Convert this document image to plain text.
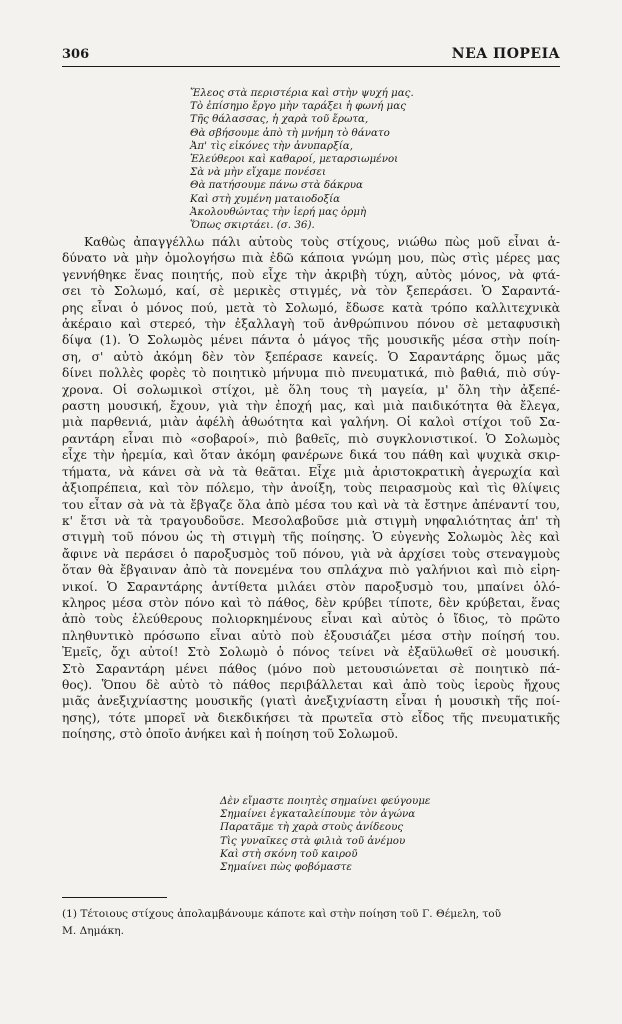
306	ΝΕΑ ΠΟΡΕΙΑ
Ἔλεος στὰ περιστέρια καὶ στὴν ψυχή μας.
Τὸ ἐπίσημο ἔργο μὴν ταράξει ἡ φωνή μας
Τῆς θάλασσας, ἡ χαρὰ τοῦ ἔρωτα,
Θὰ σβήσουμε ἀπὸ τὴ μνήμη τὸ θάνατο
Ἀπ' τὶς εἰκόνες τὴν ἀνυπαρξία,
Ἐλεύθεροι καὶ καθαροί, μεταρσιωμένοι
Σὰ νὰ μὴν εἴχαμε πονέσει
Θὰ πατήσουμε πάνω στὰ δάκρυα
Καὶ στὴ χυμένη ματαιοδοξία
Ἀκολουθώντας τὴν ἱερή μας ὁρμὴ
Ὅπως σκιρτάει. (σ. 36).
Καθὼς ἀπαγγέλλω πάλι αὐτοὺς τοὺς στίχους, νιώθω πὼς μοῦ εἶναι ἀ-
δύνατο νὰ μὴν ὁμολογήσω πιὰ ἐδῶ κάποια γνώμη μου, πὼς στὶς μέρες μας
γεννήθηκε ἕνας ποιητής, ποὺ εἶχε τὴν ἀκριβὴ τύχη, αὐτὸς μόνος, νὰ φτά-
σει τὸ Σολωμό, καί, σὲ μερικὲς στιγμές, νὰ τὸν ξεπεράσει. Ὁ Σαραντά-
ρης εἶναι ὁ μόνος πού, μετὰ τὸ Σολωμό, ἔδωσε κατὰ τρόπο καλλιτεχνικὰ
ἀκέραιο καὶ στερεό, τὴν ἐξαλλαγὴ τοῦ ἀνθρώπινου πόνου σὲ μεταφυσικὴ
δίψα (1). Ὁ Σολωμὸς μένει πάντα ὁ μάγος τῆς μουσικῆς μέσα στὴν ποίη-
ση, σ' αὐτὸ ἀκόμη δὲν τὸν ξεπέρασε κανείς. Ὁ Σαραντάρης ὅμως μᾶς
δίνει πολλὲς φορὲς τὸ ποιητικὸ μήνυμα πιὸ πνευματικά, πιὸ βαθιά, πιὸ σύγ-
χρονα. Οἱ σολωμικοὶ στίχοι, μὲ ὅλη τους τὴ μαγεία, μ' ὅλη τὴν ἀξεπέ-
ραστη μουσική, ἔχουν, γιὰ τὴν ἐποχή μας, καὶ μιὰ παιδικότητα θὰ ἔλεγα,
μιὰ παρθενιά, μιὰν ἀφέλὴ ἀθωότητα καὶ γαλήνη. Οἱ καλοὶ στίχοι τοῦ Σα-
ραντάρη εἶναι πιὸ «σοβαροί», πιὸ βαθεῖς, πιὸ συγκλονιστικοί. Ὁ Σολωμὸς
εἶχε τὴν ἠρεμία, καὶ ὅταν ἀκόμη φανέρωνε δικά του πάθη καὶ ψυχικὰ σκιρ-
τήματα, νὰ κάνει σὰ νὰ τὰ θεᾶται. Εἶχε μιὰ ἀριστοκρατικὴ ἀγερωχία καὶ
ἀξιοπρέπεια, καὶ τὸν πόλεμο, τὴν ἀνοίξη, τοὺς πειρασμοὺς καὶ τὶς θλίψεις
του εἶταν σὰ νὰ τὰ ἔβγαζε ὅλα ἀπὸ μέσα του καὶ νὰ τὰ ἔστηνε ἀπέναντί του,
κ' ἔτσι νὰ τὰ τραγουδοῦσε. Μεσολαβοῦσε μιὰ στιγμὴ νηφαλιότητας ἀπ' τὴ
στιγμὴ τοῦ πόνου ὡς τὴ στιγμὴ τῆς ποίησης. Ὁ εὐγενὴς Σολωμὸς λὲς καὶ
ἄφινε νὰ περάσει ὁ παροξυσμὸς τοῦ πόνου, γιὰ νὰ ἀρχίσει τοὺς στεναγμοὺς
ὅταν θὰ ἔβγαιναν ἀπὸ τὰ πονεμένα του σπλάχνα πιὸ γαλήνιοι καὶ πιὸ εἰρη-
νικοί. Ὁ Σαραντάρης ἀντίθετα μιλάει στὸν παροξυσμὸ του, μπαίνει ὁλό-
κληρος μέσα στὸν πόνο καὶ τὸ πάθος, δὲν κρύβει τίποτε, δὲν κρύβεται, ἕνας
ἀπὸ τοὺς ἐλεύθερους πολιορκημένους εἶναι καὶ αὐτὸς ὁ ἴδιος, τὸ πρῶτο
πληθυντικὸ πρόσωπο εἶναι αὐτὸ ποὺ ἐξουσιάζει μέσα στὴν ποίησή του.
Ἐμεῖς, ὄχι αὐτοί! Στὸ Σολωμὸ ὁ πόνος τείνει νὰ ἐξαϋλωθεῖ σὲ μουσική.
Στὸ Σαραντάρη μένει πάθος (μόνο ποὺ μετουσιώνεται σὲ ποιητικὸ πά-
θος). Ὅπου δὲ αὐτὸ τὸ πάθος περιβάλλεται καὶ ἀπὸ τοὺς ἱεροὺς ἤχους
μιᾶς ἀνεξιχνίαστης μουσικῆς (γιατὶ ἀνεξιχνίαστη εἶναι ἡ μουσικὴ τῆς ποί-
ησης), τότε μπορεῖ νὰ διεκδικήσει τὰ πρωτεῖα στὸ εἶδος τῆς πνευματικῆς
ποίησης, στὸ ὁποῖο ἀνήκει καὶ ἡ ποίηση τοῦ Σολωμοῦ.
Δὲν εἴμαστε ποιητὲς σημαίνει φεύγουμε
Σημαίνει ἐγκαταλείπουμε τὸν ἀγώνα
Παρατᾶμε τὴ χαρὰ στοὺς ἀνίδεους
Τὶς γυναῖκες στὰ φιλιὰ τοῦ ἀνέμου
Καὶ στὴ σκόνη τοῦ καιροῦ
Σημαίνει πὼς φοβόμαστε
(1) Τέτοιους στίχους ἀπολαμβάνουμε κάποτε καὶ στὴν ποίηση τοῦ Γ. Θέμελη, τοῦ
Μ. Δημάκη.
